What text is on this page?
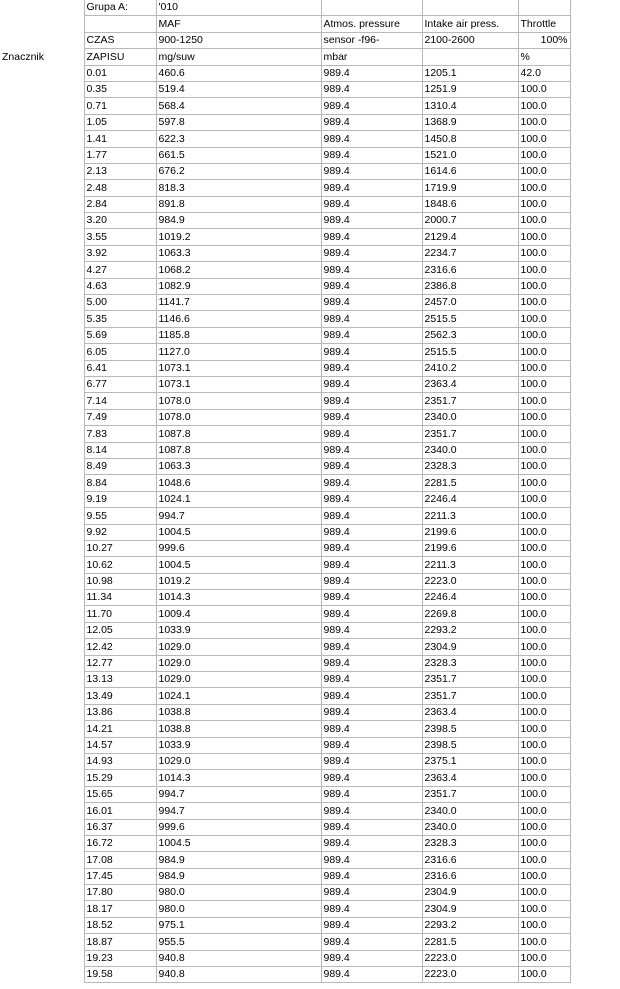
	Grupa A:	'010			
		MAF	Atmos. pressure	Intake air press.	Throttle
	CZAS	900-1250	sensor -f96-	2100-2600	100%
Znacznik	ZAPISU	mg/suw	mbar		%
	0.01	460.6	989.4	1205.1	42.0
	0.35	519.4	989.4	1251.9	100.0
	0.71	568.4	989.4	1310.4	100.0
	1.05	597.8	989.4	1368.9	100.0
	1.41	622.3	989.4	1450.8	100.0
	1.77	661.5	989.4	1521.0	100.0
	2.13	676.2	989.4	1614.6	100.0
	2.48	818.3	989.4	1719.9	100.0
	2.84	891.8	989.4	1848.6	100.0
	3.20	984.9	989.4	2000.7	100.0
	3.55	1019.2	989.4	2129.4	100.0
	3.92	1063.3	989.4	2234.7	100.0
	4.27	1068.2	989.4	2316.6	100.0
	4.63	1082.9	989.4	2386.8	100.0
	5.00	1141.7	989.4	2457.0	100.0
	5.35	1146.6	989.4	2515.5	100.0
	5.69	1185.8	989.4	2562.3	100.0
	6.05	1127.0	989.4	2515.5	100.0
	6.41	1073.1	989.4	2410.2	100.0
	6.77	1073.1	989.4	2363.4	100.0
	7.14	1078.0	989.4	2351.7	100.0
	7.49	1078.0	989.4	2340.0	100.0
	7.83	1087.8	989.4	2351.7	100.0
	8.14	1087.8	989.4	2340.0	100.0
	8.49	1063.3	989.4	2328.3	100.0
	8.84	1048.6	989.4	2281.5	100.0
	9.19	1024.1	989.4	2246.4	100.0
	9.55	994.7	989.4	2211.3	100.0
	9.92	1004.5	989.4	2199.6	100.0
	10.27	999.6	989.4	2199.6	100.0
	10.62	1004.5	989.4	2211.3	100.0
	10.98	1019.2	989.4	2223.0	100.0
	11.34	1014.3	989.4	2246.4	100.0
	11.70	1009.4	989.4	2269.8	100.0
	12.05	1033.9	989.4	2293.2	100.0
	12.42	1029.0	989.4	2304.9	100.0
	12.77	1029.0	989.4	2328.3	100.0
	13.13	1029.0	989.4	2351.7	100.0
	13.49	1024.1	989.4	2351.7	100.0
	13.86	1038.8	989.4	2363.4	100.0
	14.21	1038.8	989.4	2398.5	100.0
	14.57	1033.9	989.4	2398.5	100.0
	14.93	1029.0	989.4	2375.1	100.0
	15.29	1014.3	989.4	2363.4	100.0
	15.65	994.7	989.4	2351.7	100.0
	16.01	994.7	989.4	2340.0	100.0
	16.37	999.6	989.4	2340.0	100.0
	16.72	1004.5	989.4	2328.3	100.0
	17.08	984.9	989.4	2316.6	100.0
	17.45	984.9	989.4	2316.6	100.0
	17.80	980.0	989.4	2304.9	100.0
	18.17	980.0	989.4	2304.9	100.0
	18.52	975.1	989.4	2293.2	100.0
	18.87	955.5	989.4	2281.5	100.0
	19.23	940.8	989.4	2223.0	100.0
	19.58	940.8	989.4	2223.0	100.0
